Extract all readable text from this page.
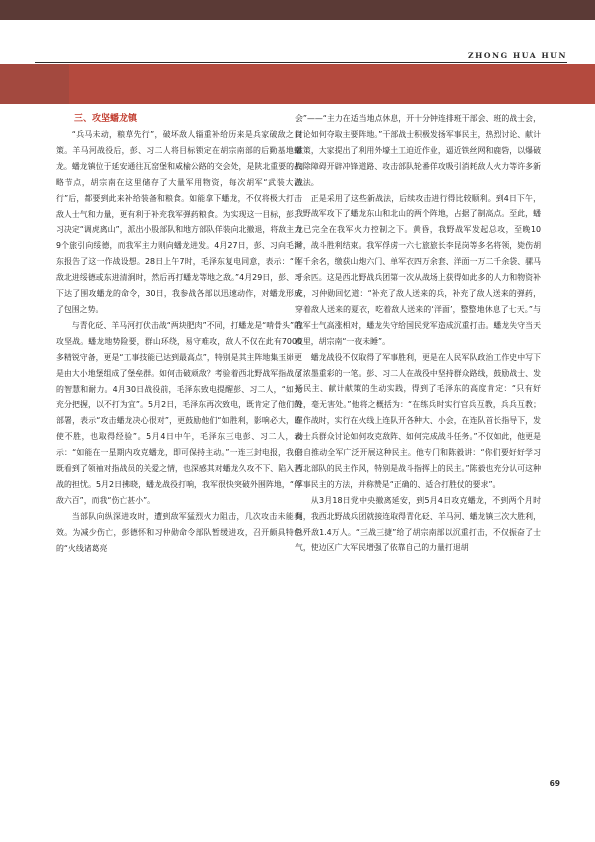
ZHONG HUA HUN

三、攻坚蟠龙镇

“兵马未动，粮草先行”，破坏敌人辎重补给历来是兵家破敌之良策。羊马河战役后，彭、习二人将目标锁定在胡宗南部的后勤基地蟠龙。蟠龙镇位于延安通往瓦窑堡和咸榆公路的交会处，是陕北重要的战略节点，胡宗南在这里储存了大量军用物资，每次胡军“武装大游行”后，都要到此来补给装备和粮食。如能拿下蟠龙，不仅将极大打击敌人士气和力量，更有利于补充我军弹药粮食。为实现这一目标，彭、习决定“调虎离山”，派出小股部队和地方部队佯装向北撤退，将敌主力9个旅引向绥德，而我军主力则向蟠龙进发。4月27日，彭、习向毛泽东报告了这一作战设想。28日上午7时，毛泽东复电同意，表示：“让敌北进绥德或东进清涧时，然后再打蟠龙等地之敌。”4月29日，彭、习下达了围攻蟠龙的命令，30日，我参战各部以迅速动作，对蟠龙形成了包围之势。

与青化砭、羊马河打伏击战“两块肥肉”不同，打蟠龙是“啃骨头”的攻坚战。蟠龙地势险要，群山环绕，易守难攻，敌人不仅在此有7000多精锐守备，更是“工事技能已达到最高点”，特别是其主阵地集玉峁更是由大小地堡组成了堡垒群。如何击破顽敌？考验着西北野战军指战员的智慧和耐力。4月30日战役前，毛泽东致电提醒彭、习二人，“如无充分把握，以不打为宜”。5月2日，毛泽东再次致电，既肯定了他们的部署，表示“攻击蟠龙决心很对”，更鼓励他们“如胜利，影响必大，即使不胜，也取得经验”。5月4日中午，毛泽东三电彭、习二人，表示：“如能在一星期内攻克蟠龙，即可保持主动。”一连三封电报，我们既看到了领袖对指战员的关爱之情，也深感其对蟠龙久攻不下、陷入苦战的担忧。5月2日拂晓，蟠龙战役打响，我军很快突破外围阵地，“俘敌六百”，而我“伤亡甚小”。

当部队向纵深进攻时，遭到敌军猛烈火力阻击，几次攻击未能奏效。为减少伤亡，彭德怀和习仲勋命令部队暂缓进攻，召开颇具特色的“火线诸葛亮

会”——“主力在适当地点休息，开十分钟连排班干部会、班的战士会，讨论如何夺取主要阵地。”干部战士积极发扬军事民主，热烈讨论、献计献策，大家提出了利用外壕土工迫近作业，逼近铁丝网和鹿砦，以爆破扫除障碍开辟冲锋道路、攻击部队轮番佯攻吸引消耗敌人火力等许多新战法。

正是采用了这些新战法，后续攻击进行得比较顺利。到4日下午，我野战军攻下了蟠龙东山和北山的两个阵地，占据了制高点。至此，蟠龙已完全在我军火力控制之下。黄昏，我野战军发起总攻，至晚10时，战斗胜利结束。我军俘虏一六七旅旅长李昆岗等多名将领，毙伤胡军千余名，缴获山炮六门、单军衣四万余套、洋面一万二千余袋、骡马千余匹。这是西北野战兵团第一次从战场上获得如此多的人力和物资补充，习仲勋回忆道：“补充了敌人送来的兵，补充了敌人送来的弹药，穿着敌人送来的夏衣，吃着敌人送来的‘洋面’，整整地休息了七天。”与我军士气高涨相对，蟠龙失守给国民党军造成沉重打击。蟠龙失守当天夜里，胡宗南“一夜未睡”。

蟠龙战役不仅取得了军事胜利，更是在人民军队政治工作史中写下了浓墨重彩的一笔。彭、习二人在战役中坚持群众路线，鼓励战士、发扬民主、献计献策的生动实践，得到了毛泽东的高度肯定：“只有好处，毫无害处。”他将之概括为：“在练兵时实行官兵互教，兵兵互教；在作战时，实行在火线上连队开各种大、小会，在连队首长指导下，发动士兵群众讨论如何攻克敌阵、如何完成战斗任务。”不仅如此，他更是亲自推动全军广泛开展这种民主。他专门和陈毅讲：“你们要好好学习西北部队的民主作风，特别是战斗指挥上的民主。”陈毅也充分认可这种军事民主的方法，并称赞是“正确的、适合打胜仗的要求”。

从3月18日党中央撤离延安，到5月4日攻克蟠龙，不到两个月时间，我西北野战兵团就接连取得青化砭、羊马河、蟠龙镇三次大胜利，总歼敌1.4万人。“三战三捷”给了胡宗南部以沉重打击，不仅振奋了士气，使边区广大军民增强了依靠自己的力量打退胡

69
